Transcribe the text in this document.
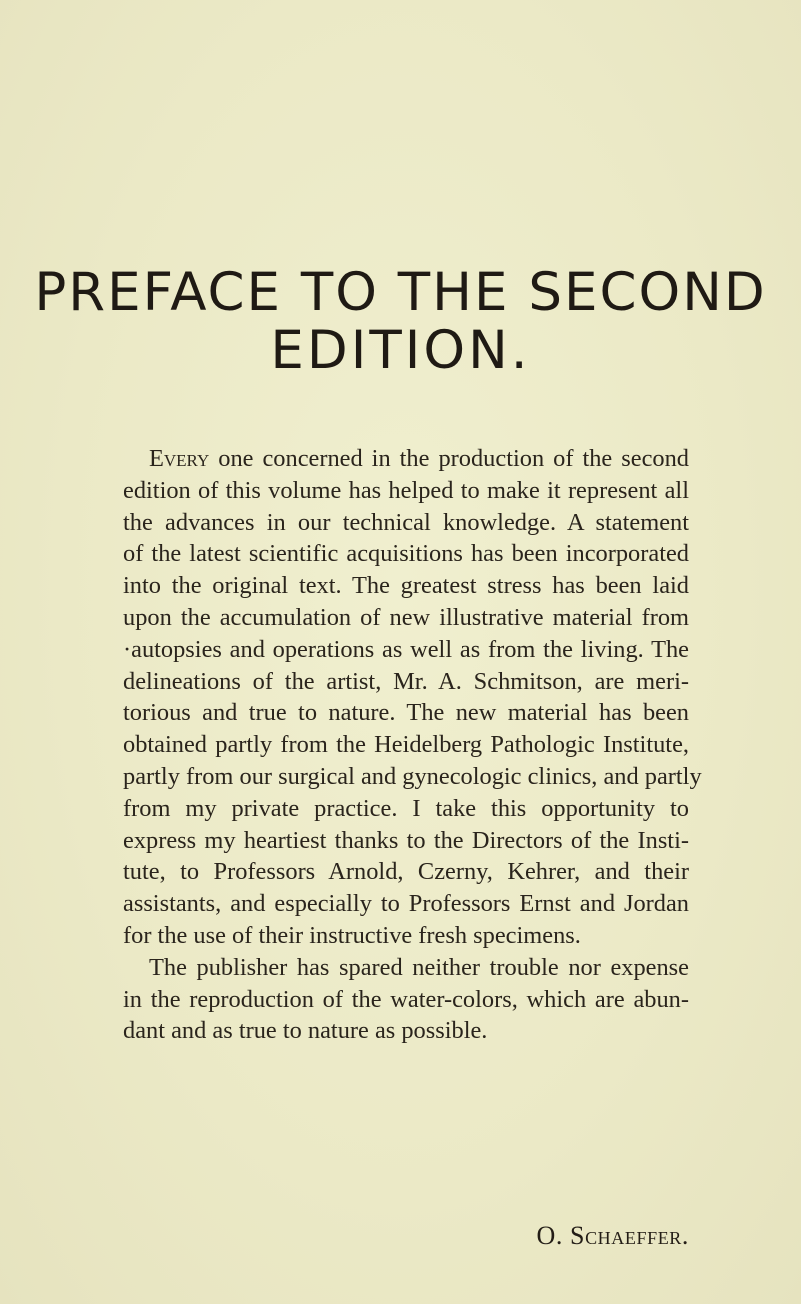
PREFACE TO THE SECOND
EDITION.
Every one concerned in the production of the second
edition of this volume has helped to make it represent all
the advances in our technical knowledge. A statement
of the latest scientific acquisitions has been incorporated
into the original text. The greatest stress has been laid
upon the accumulation of new illustrative material from
·autopsies and operations as well as from the living. The
delineations of the artist, Mr. A. Schmitson, are meri-
torious and true to nature. The new material has been
obtained partly from the Heidelberg Pathologic Institute,
partly from our surgical and gynecologic clinics, and partly
from my private practice. I take this opportunity to
express my heartiest thanks to the Directors of the Insti-
tute, to Professors Arnold, Czerny, Kehrer, and their
assistants, and especially to Professors Ernst and Jordan
for the use of their instructive fresh specimens.
The publisher has spared neither trouble nor expense
in the reproduction of the water-colors, which are abun-
dant and as true to nature as possible.
O. Schaeffer.
